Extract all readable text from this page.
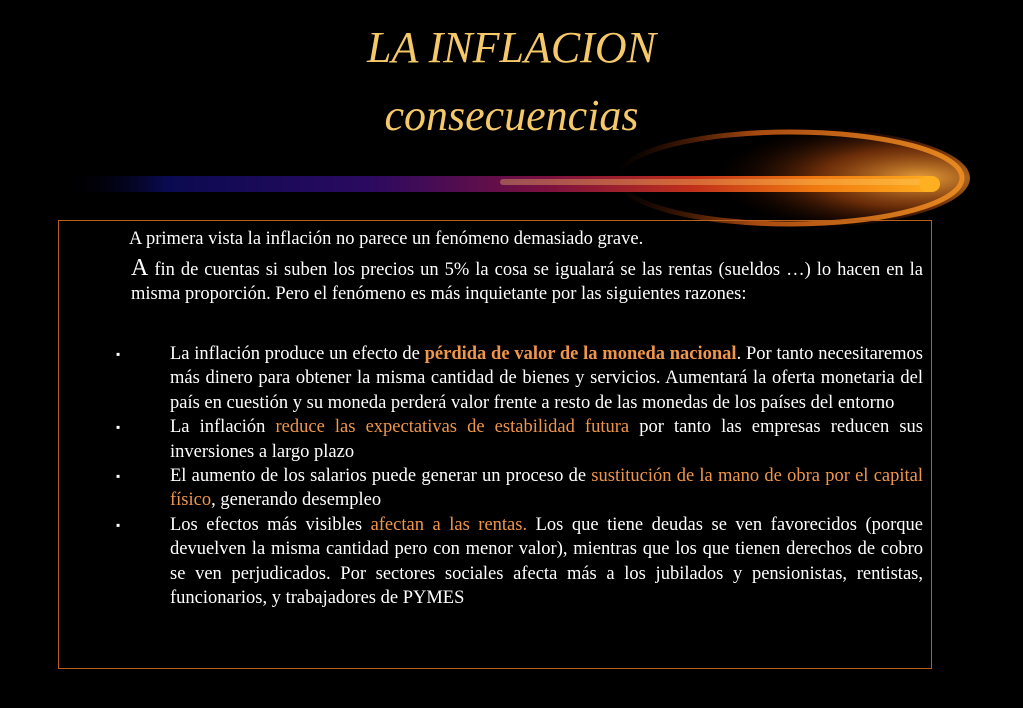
LA INFLACION
consecuencias

A primera vista la inflación no parece un fenómeno demasiado grave.

A fin de cuentas si suben los precios un 5% la cosa se igualará se las rentas (sueldos …) lo hacen en la misma proporción. Pero el fenómeno es más inquietante por las siguientes razones:

▪	La inflación produce un efecto de pérdida de valor de la moneda nacional. Por tanto necesitaremos más dinero para obtener la misma cantidad de bienes y servicios. Aumentará la oferta monetaria del país en cuestión y su moneda perderá valor frente a resto de las monedas de los países del entorno
▪	La inflación reduce las expectativas de estabilidad futura por tanto las empresas reducen sus inversiones a largo plazo
▪	El aumento de los salarios puede generar un proceso de sustitución de la mano de obra por el capital físico, generando desempleo
▪	Los efectos más visibles afectan a las rentas. Los que tiene deudas se ven favorecidos (porque devuelven la misma cantidad pero con menor valor), mientras que los que tienen derechos de cobro se ven perjudicados. Por sectores sociales afecta más a los jubilados y pensionistas, rentistas, funcionarios, y trabajadores de PYMES
